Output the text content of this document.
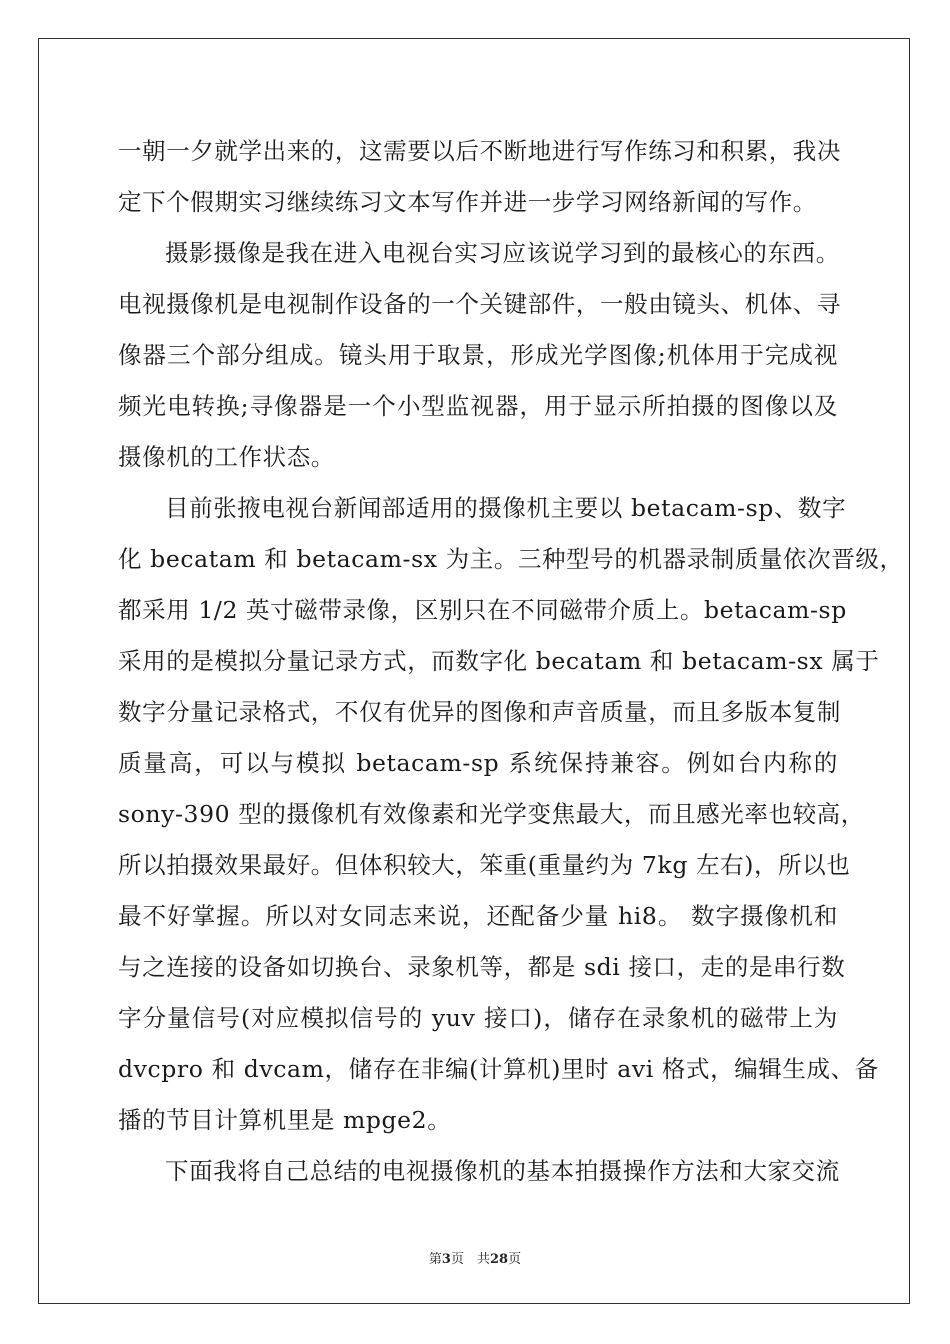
一朝一夕就学出来的，这需要以后不断地进行写作练习和积累，我决
定下个假期实习继续练习文本写作并进一步学习网络新闻的写作。

摄影摄像是我在进入电视台实习应该说学习到的最核心的东西。
电视摄像机是电视制作设备的一个关键部件，一般由镜头、机体、寻
像器三个部分组成。镜头用于取景，形成光学图像;机体用于完成视
频光电转换;寻像器是一个小型监视器，用于显示所拍摄的图像以及
摄像机的工作状态。

目前张掖电视台新闻部适用的摄像机主要以 betacam-sp、数字
化 becatam 和 betacam-sx 为主。三种型号的机器录制质量依次晋级，
都采用 1/2 英寸磁带录像，区别只在不同磁带介质上。betacam-sp
采用的是模拟分量记录方式，而数字化 becatam 和 betacam-sx 属于
数字分量记录格式，不仅有优异的图像和声音质量，而且多版本复制
质量高，可以与模拟 betacam-sp 系统保持兼容。例如台内称的
sony-390 型的摄像机有效像素和光学变焦最大，而且感光率也较高，
所以拍摄效果最好。但体积较大，笨重(重量约为 7kg 左右)，所以也
最不好掌握。所以对女同志来说，还配备少量 hi8。 数字摄像机和
与之连接的设备如切换台、录象机等，都是 sdi 接口，走的是串行数
字分量信号(对应模拟信号的 yuv 接口)，储存在录象机的磁带上为
dvcpro 和 dvcam，储存在非编(计算机)里时 avi 格式，编辑生成、备
播的节目计算机里是 mpge2。

下面我将自己总结的电视摄像机的基本拍摄操作方法和大家交流

第3页　共28页
